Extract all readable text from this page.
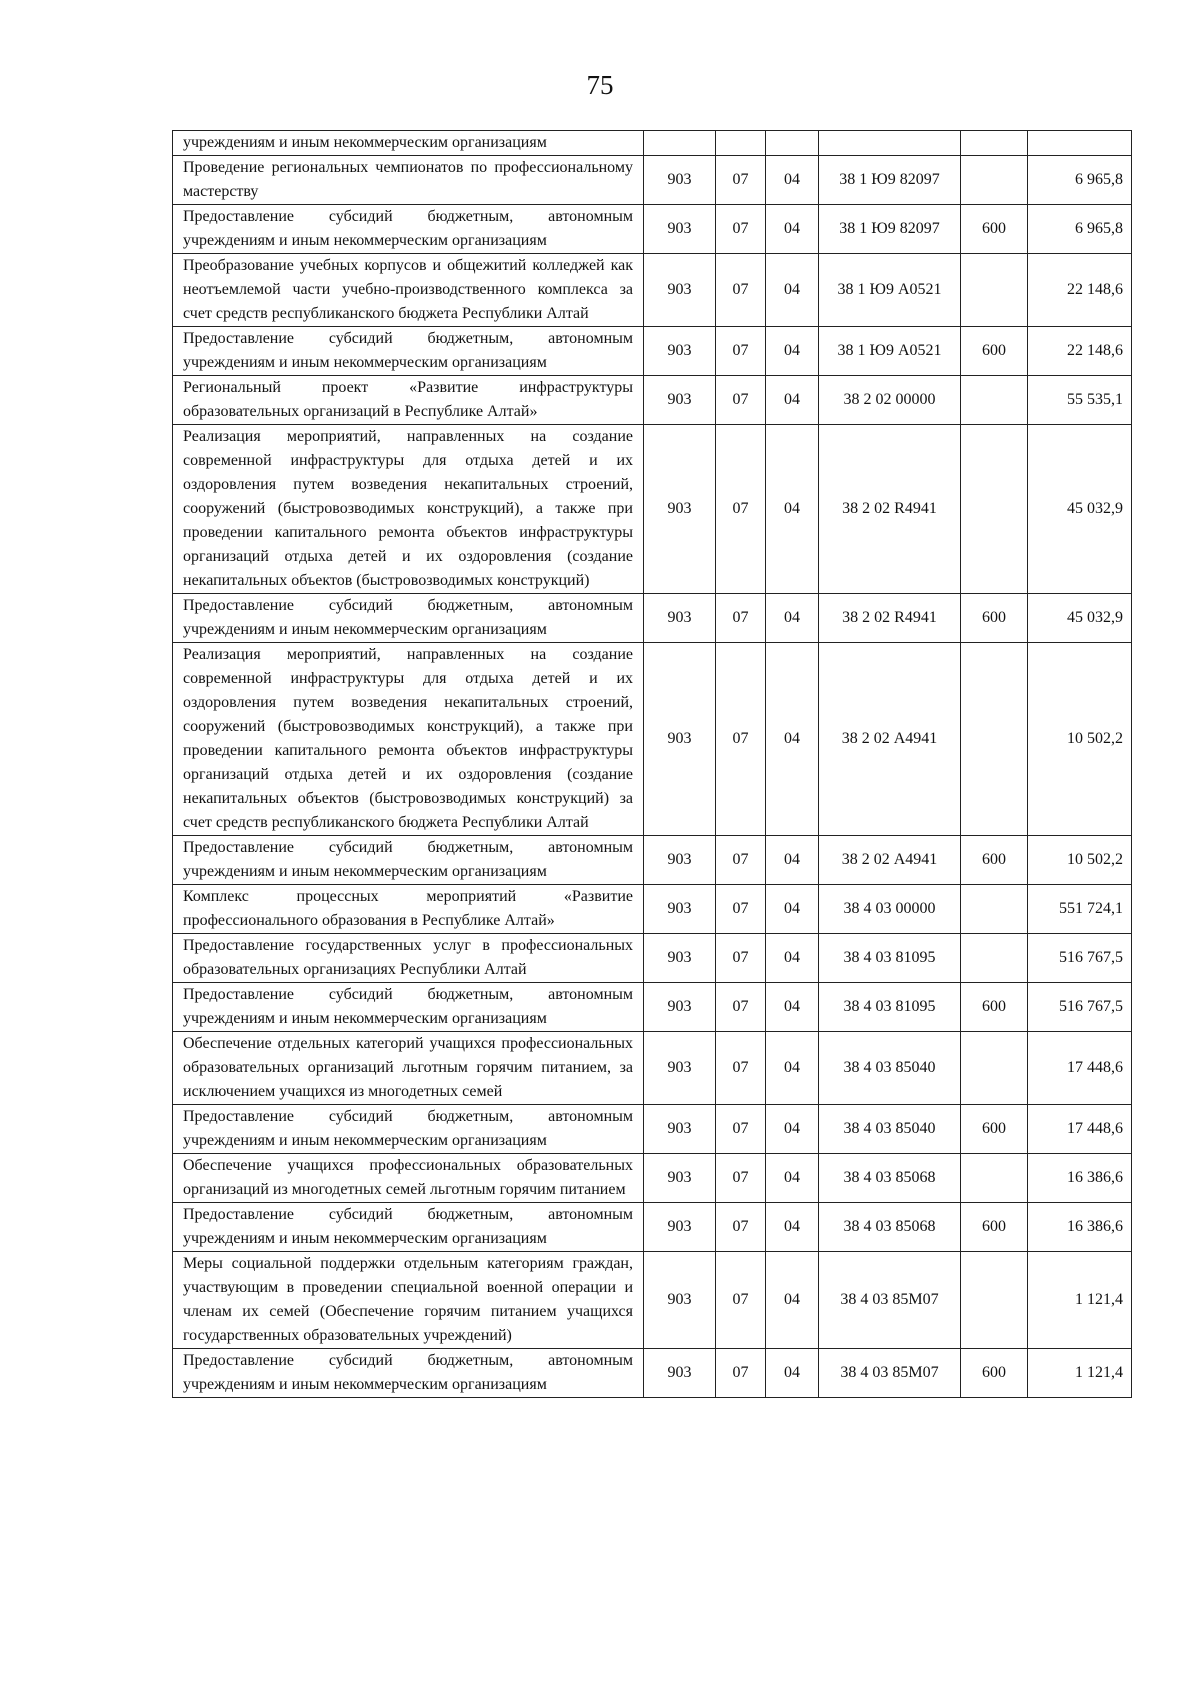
75
учреждениям и иным некоммерческим организациям						
Проведение региональных чемпионатов по профессиональному мастерству	903	07	04	38 1 Ю9 82097		6 965,8
Предоставление субсидий бюджетным, автономным учреждениям и иным некоммерческим организациям	903	07	04	38 1 Ю9 82097	600	6 965,8
Преобразование учебных корпусов и общежитий колледжей как неотъемлемой части учебно-производственного комплекса за счет средств республиканского бюджета Республики Алтай	903	07	04	38 1 Ю9 А0521		22 148,6
Предоставление субсидий бюджетным, автономным учреждениям и иным некоммерческим организациям	903	07	04	38 1 Ю9 А0521	600	22 148,6
Региональный проект «Развитие инфраструктуры образовательных организаций в Республике Алтай»	903	07	04	38 2 02 00000		55 535,1
Реализация мероприятий, направленных на создание современной инфраструктуры для отдыха детей и их оздоровления путем возведения некапитальных строений, сооружений (быстровозводимых конструкций), а также при проведении капитального ремонта объектов инфраструктуры организаций отдыха детей и их оздоровления (создание некапитальных объектов (быстровозводимых конструкций)	903	07	04	38 2 02 R4941		45 032,9
Предоставление субсидий бюджетным, автономным учреждениям и иным некоммерческим организациям	903	07	04	38 2 02 R4941	600	45 032,9
Реализация мероприятий, направленных на создание современной инфраструктуры для отдыха детей и их оздоровления путем возведения некапитальных строений, сооружений (быстровозводимых конструкций), а также при проведении капитального ремонта объектов инфраструктуры организаций отдыха детей и их оздоровления (создание некапитальных объектов (быстровозводимых конструкций) за счет средств республиканского бюджета Республики Алтай	903	07	04	38 2 02 А4941		10 502,2
Предоставление субсидий бюджетным, автономным учреждениям и иным некоммерческим организациям	903	07	04	38 2 02 А4941	600	10 502,2
Комплекс процессных мероприятий «Развитие профессионального образования в Республике Алтай»	903	07	04	38 4 03 00000		551 724,1
Предоставление государственных услуг в профессиональных образовательных организациях Республики Алтай	903	07	04	38 4 03 81095		516 767,5
Предоставление субсидий бюджетным, автономным учреждениям и иным некоммерческим организациям	903	07	04	38 4 03 81095	600	516 767,5
Обеспечение отдельных категорий учащихся профессиональных образовательных организаций льготным горячим питанием, за исключением учащихся из многодетных семей	903	07	04	38 4 03 85040		17 448,6
Предоставление субсидий бюджетным, автономным учреждениям и иным некоммерческим организациям	903	07	04	38 4 03 85040	600	17 448,6
Обеспечение учащихся профессиональных образовательных организаций из многодетных семей льготным горячим питанием	903	07	04	38 4 03 85068		16 386,6
Предоставление субсидий бюджетным, автономным учреждениям и иным некоммерческим организациям	903	07	04	38 4 03 85068	600	16 386,6
Меры социальной поддержки отдельным категориям граждан, участвующим в проведении специальной военной операции и членам их семей (Обеспечение горячим питанием учащихся государственных образовательных учреждений)	903	07	04	38 4 03 85М07		1 121,4
Предоставление субсидий бюджетным, автономным учреждениям и иным некоммерческим организациям	903	07	04	38 4 03 85М07	600	1 121,4
